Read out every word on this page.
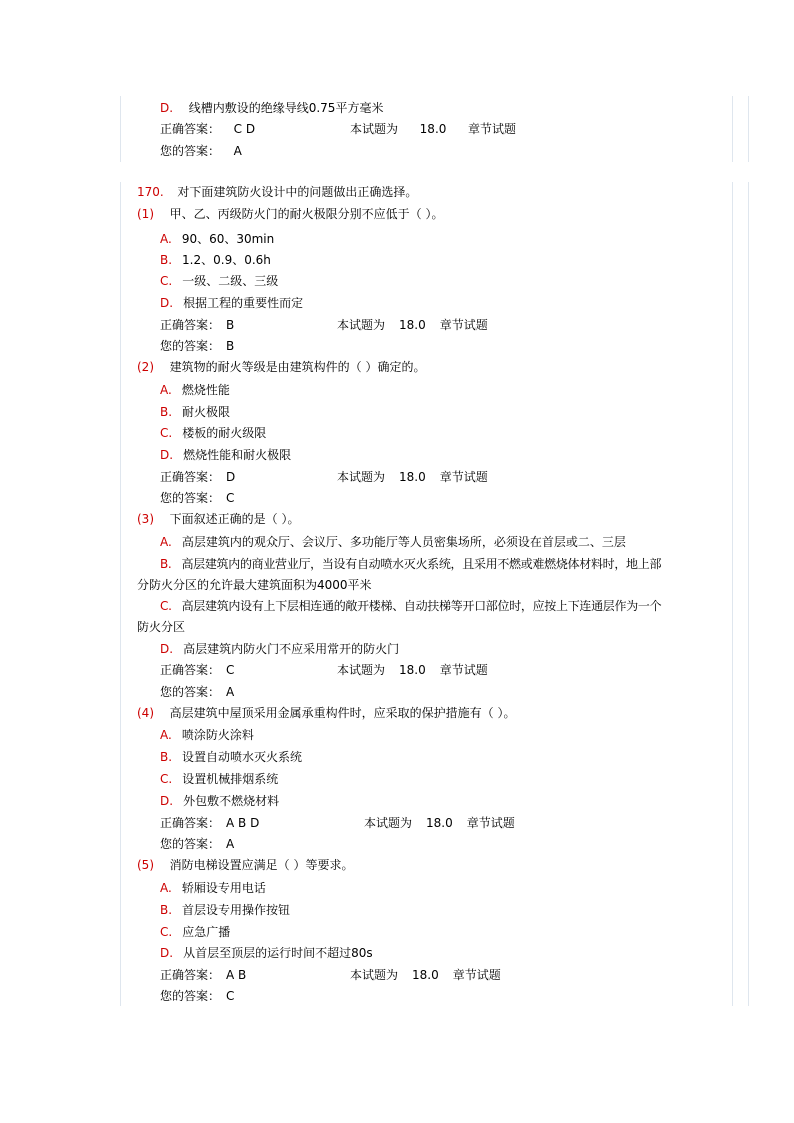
D. 线槽内敷设的绝缘导线0.75平方毫米
正确答案： C D	本试题为 18.0 章节试题
您的答案： A
170. 对下面建筑防火设计中的问题做出正确选择。
(1) 甲、乙、丙级防火门的耐火极限分别不应低于（ ）。
A. 90、60、30min
B. 1.2、0.9、0.6h
C. 一级、二级、三级
D. 根据工程的重要性而定
正确答案： B	本试题为 18.0 章节试题
您的答案： B
(2) 建筑物的耐火等级是由建筑构件的（ ）确定的。
A. 燃烧性能
B. 耐火极限
C. 楼板的耐火级限
D. 燃烧性能和耐火极限
正确答案： D	本试题为 18.0 章节试题
您的答案： C
(3) 下面叙述正确的是（ ）。
A. 高层建筑内的观众厅、会议厅、多功能厅等人员密集场所，必须设在首层或二、三层
B. 高层建筑内的商业营业厅，当设有自动喷水灭火系统，且采用不燃或难燃烧体材料时，地上部
分防火分区的允许最大建筑面积为4000平米
C. 高层建筑内设有上下层相连通的敞开楼梯、自动扶梯等开口部位时，应按上下连通层作为一个
防火分区
D. 高层建筑内防火门不应采用常开的防火门
正确答案： C	本试题为 18.0 章节试题
您的答案： A
(4) 高层建筑中屋顶采用金属承重构件时，应采取的保护措施有（ ）。
A. 喷涂防火涂料
B. 设置自动喷水灭火系统
C. 设置机械排烟系统
D. 外包敷不燃烧材料
正确答案： A B D	本试题为 18.0 章节试题
您的答案： A
(5) 消防电梯设置应满足（ ）等要求。
A. 轿厢设专用电话
B. 首层设专用操作按钮
C. 应急广播
D. 从首层至顶层的运行时间不超过80s
正确答案： A B	本试题为 18.0 章节试题
您的答案： C
